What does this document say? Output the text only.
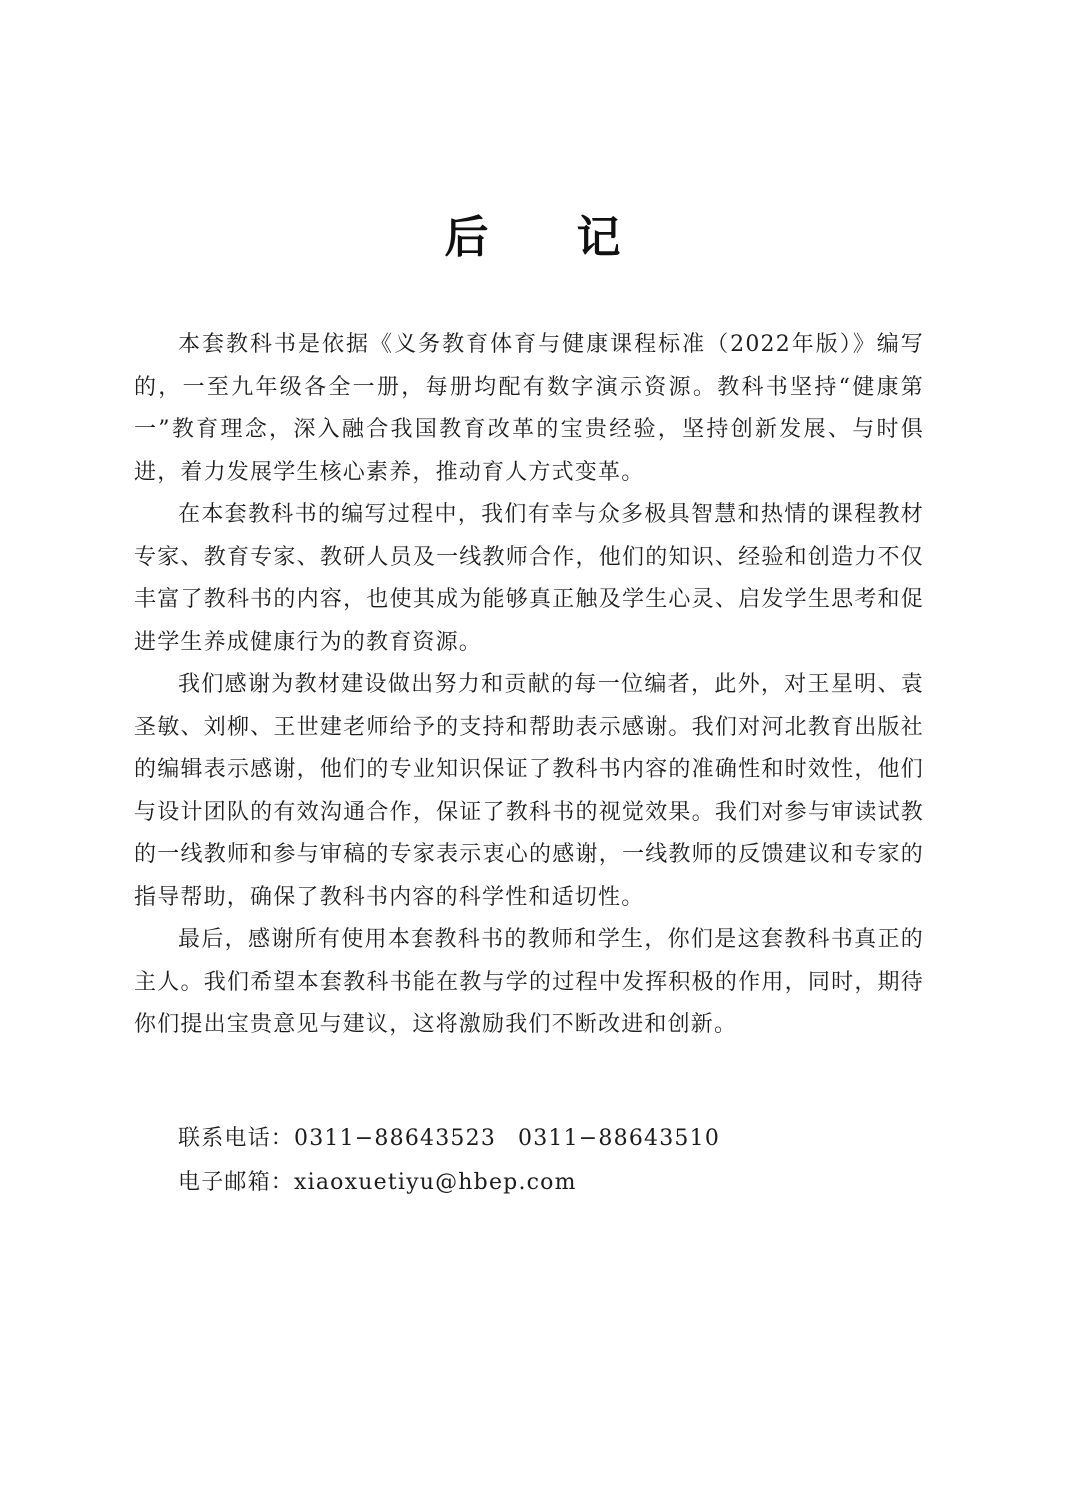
后记

本套教科书是依据《义务教育体育与健康课程标准（2022年版）》编写的，一至九年级各全一册，每册均配有数字演示资源。教科书坚持“健康第一”教育理念，深入融合我国教育改革的宝贵经验，坚持创新发展、与时俱进，着力发展学生核心素养，推动育人方式变革。

在本套教科书的编写过程中，我们有幸与众多极具智慧和热情的课程教材专家、教育专家、教研人员及一线教师合作，他们的知识、经验和创造力不仅丰富了教科书的内容，也使其成为能够真正触及学生心灵、启发学生思考和促进学生养成健康行为的教育资源。

我们感谢为教材建设做出努力和贡献的每一位编者，此外，对王星明、袁圣敏、刘柳、王世建老师给予的支持和帮助表示感谢。我们对河北教育出版社的编辑表示感谢，他们的专业知识保证了教科书内容的准确性和时效性，他们与设计团队的有效沟通合作，保证了教科书的视觉效果。我们对参与审读试教的一线教师和参与审稿的专家表示衷心的感谢，一线教师的反馈建议和专家的指导帮助，确保了教科书内容的科学性和适切性。

最后，感谢所有使用本套教科书的教师和学生，你们是这套教科书真正的主人。我们希望本套教科书能在教与学的过程中发挥积极的作用，同时，期待你们提出宝贵意见与建议，这将激励我们不断改进和创新。

联系电话：0311−88643523 0311−88643510
电子邮箱：xiaoxuetiyu@hbep.com
